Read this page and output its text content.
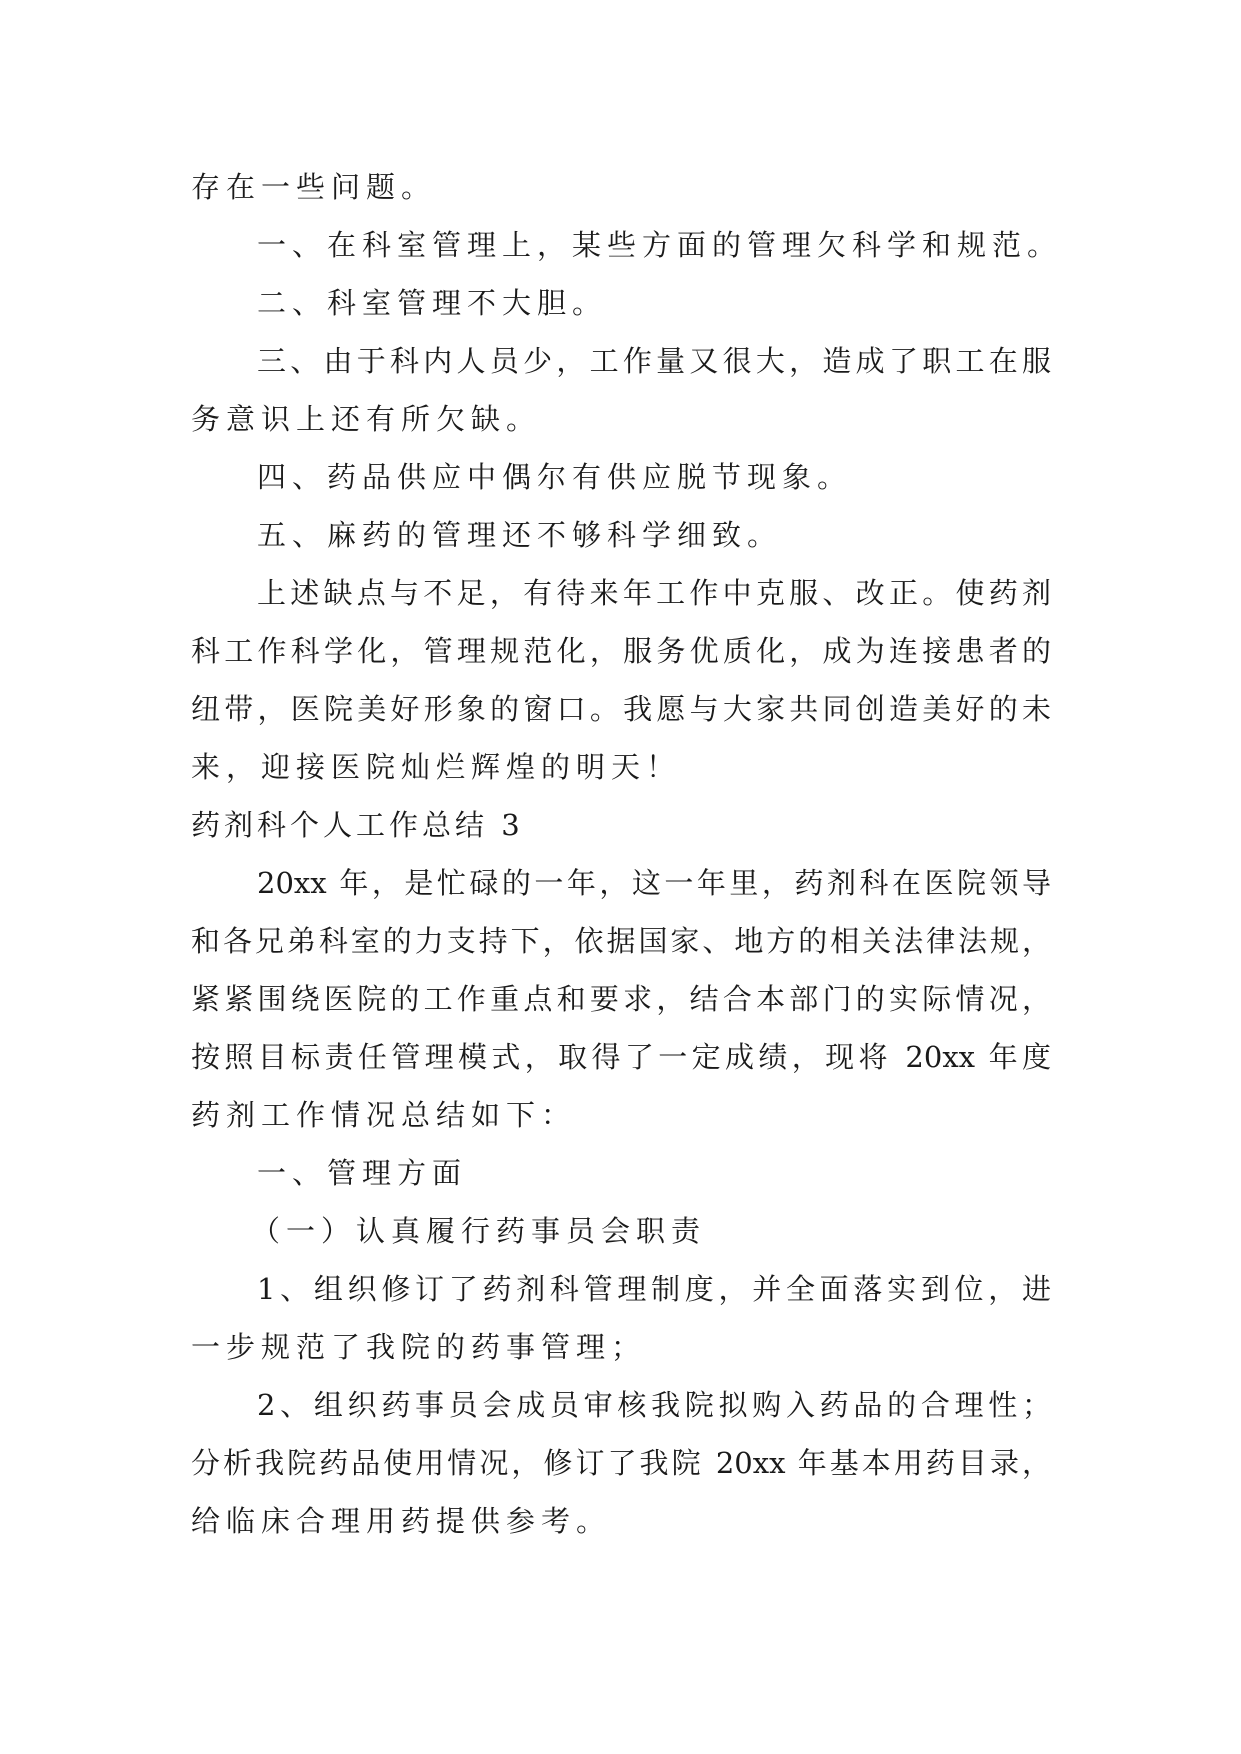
存在一些问题。
一、在科室管理上，某些方面的管理欠科学和规范。
二、科室管理不大胆。
三、由于科内人员少，工作量又很大，造成了职工在服
务意识上还有所欠缺。
四、药品供应中偶尔有供应脱节现象。
五、麻药的管理还不够科学细致。
上述缺点与不足，有待来年工作中克服、改正。使药剂
科工作科学化，管理规范化，服务优质化，成为连接患者的
纽带，医院美好形象的窗口。我愿与大家共同创造美好的未
来，迎接医院灿烂辉煌的明天！
药剂科个人工作总结 3
20xx 年，是忙碌的一年，这一年里，药剂科在医院领导
和各兄弟科室的力支持下，依据国家、地方的相关法律法规，
紧紧围绕医院的工作重点和要求，结合本部门的实际情况，
按照目标责任管理模式，取得了一定成绩，现将 20xx 年度
药剂工作情况总结如下：
一、管理方面
（一）认真履行药事员会职责
1、组织修订了药剂科管理制度，并全面落实到位，进
一步规范了我院的药事管理；
2、组织药事员会成员审核我院拟购入药品的合理性；
分析我院药品使用情况，修订了我院 20xx 年基本用药目录，
给临床合理用药提供参考。
